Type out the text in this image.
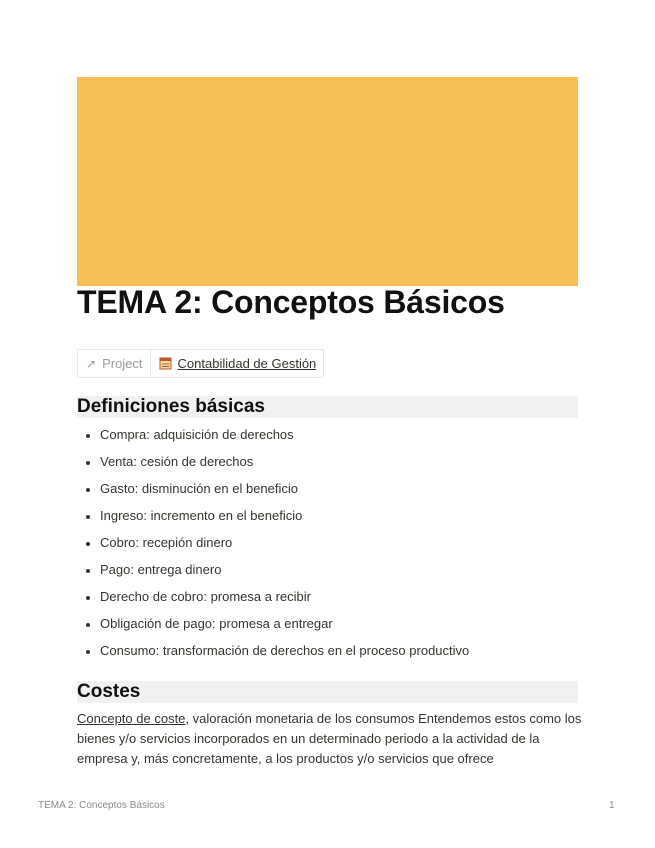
TEMA 2: Conceptos Básicos
↗ Project	Contabilidad de Gestión
Definiciones básicas
Compra: adquisición de derechos
Venta: cesión de derechos
Gasto: disminución en el beneficio
Ingreso: incremento en el beneficio
Cobro: recepión dinero
Pago: entrega dinero
Derecho de cobro: promesa a recibir
Obligación de pago: promesa a entregar
Consumo: transformación de derechos en el proceso productivo
Costes

Concepto de coste, valoración monetaria de los consumos Entendemos estos como los bienes y/o servicios incorporados en un determinado periodo a la actividad de la empresa y, más concretamente, a los productos y/o servicios que ofrece

TEMA 2: Conceptos Básicos	1
